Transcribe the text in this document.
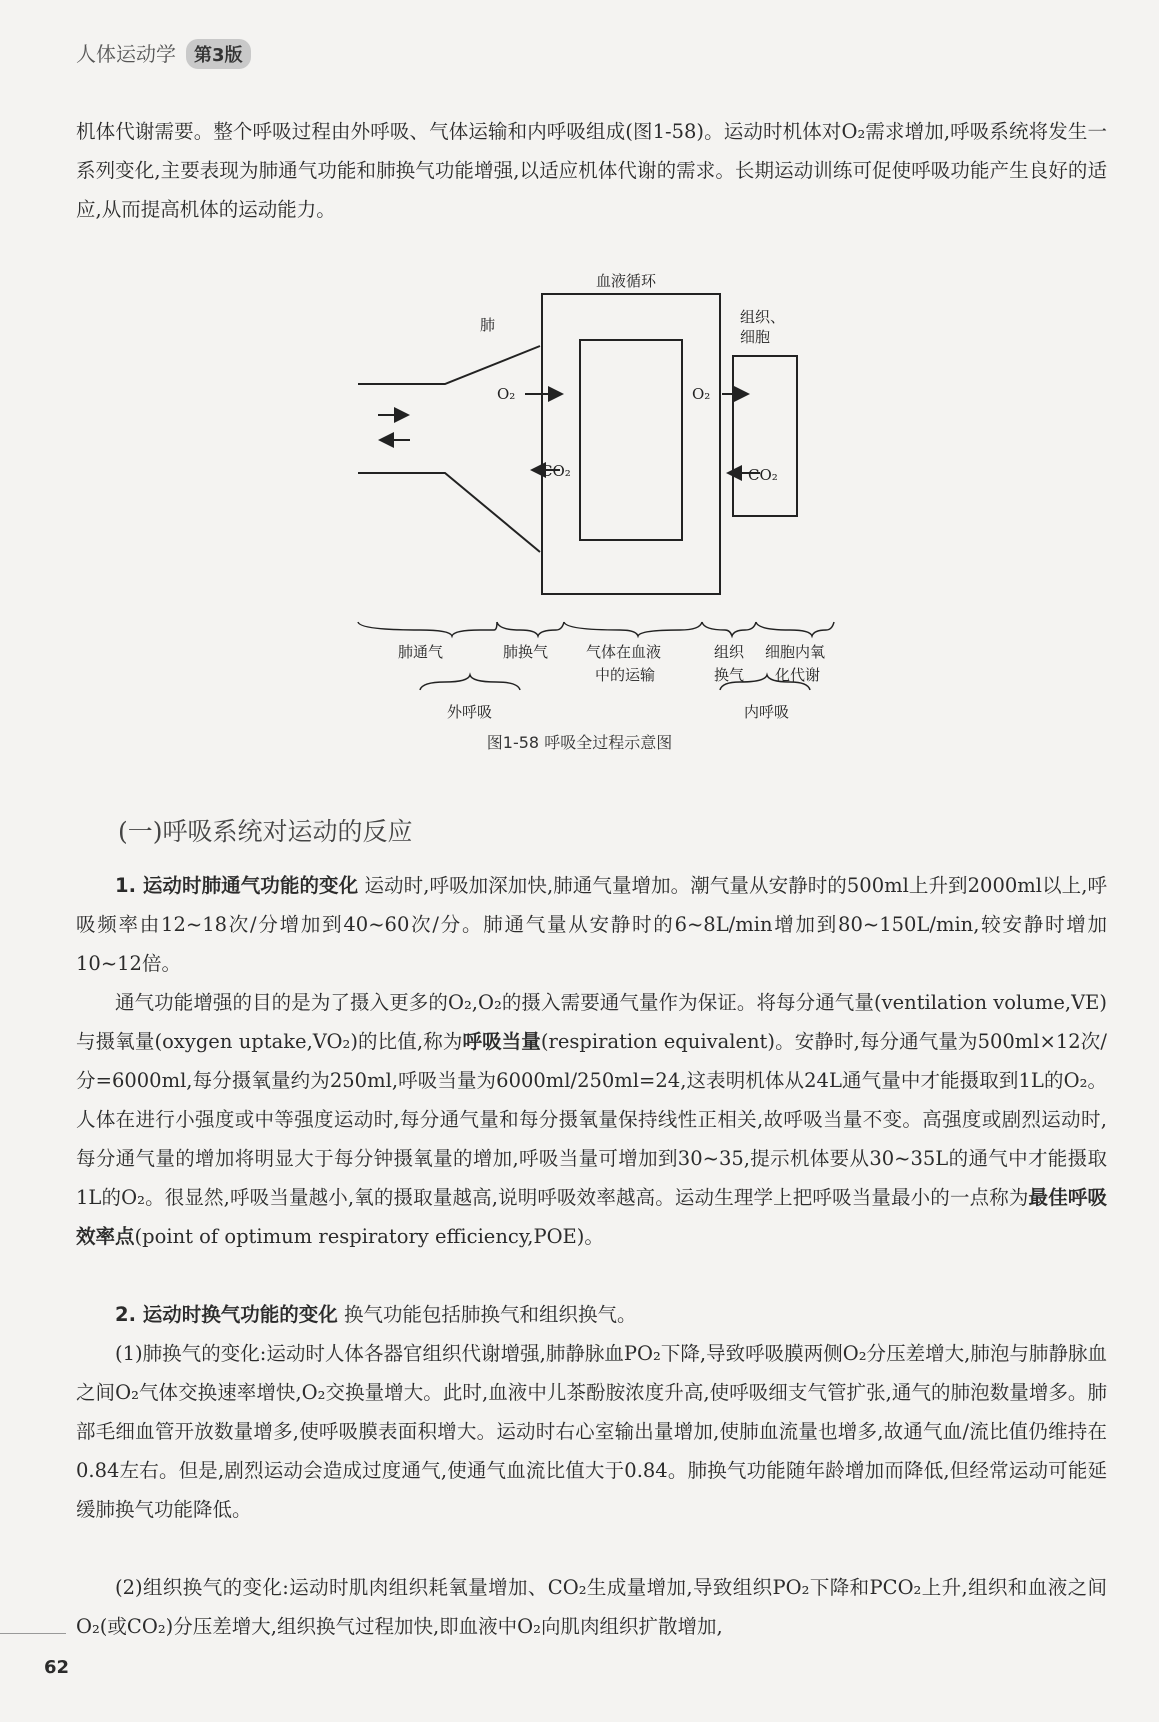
人体运动学 第3版
机体代谢需要。整个呼吸过程由外呼吸、气体运输和内呼吸组成(图1-58)。运动时机体对O₂需求增加,呼吸系统将发生一系列变化,主要表现为肺通气功能和肺换气功能增强,以适应机体代谢的需求。长期运动训练可促使呼吸功能产生良好的适应,从而提高机体的运动能力。
血液循环
肺	组织、
细胞
O₂
CO₂
O₂
CO₂
肺通气	肺换气	气体在血液
中的运输
组织
换气
细胞内氧
化代谢
外呼吸	内呼吸
图1-58 呼吸全过程示意图
(一)呼吸系统对运动的反应
1. 运动时肺通气功能的变化 运动时,呼吸加深加快,肺通气量增加。潮气量从安静时的500ml上升到2000ml以上,呼吸频率由12~18次/分增加到40~60次/分。肺通气量从安静时的6~8L/min增加到80~150L/min,较安静时增加10~12倍。
通气功能增强的目的是为了摄入更多的O₂,O₂的摄入需要通气量作为保证。将每分通气量(ventilation volume,VE)与摄氧量(oxygen uptake,VO₂)的比值,称为呼吸当量(respiration equivalent)。安静时,每分通气量为500ml×12次/分=6000ml,每分摄氧量约为250ml,呼吸当量为6000ml/250ml=24,这表明机体从24L通气量中才能摄取到1L的O₂。人体在进行小强度或中等强度运动时,每分通气量和每分摄氧量保持线性正相关,故呼吸当量不变。高强度或剧烈运动时,每分通气量的增加将明显大于每分钟摄氧量的增加,呼吸当量可增加到30~35,提示机体要从30~35L的通气中才能摄取1L的O₂。很显然,呼吸当量越小,氧的摄取量越高,说明呼吸效率越高。运动生理学上把呼吸当量最小的一点称为最佳呼吸效率点(point of optimum respiratory efficiency,POE)。
2. 运动时换气功能的变化 换气功能包括肺换气和组织换气。
(1)肺换气的变化:运动时人体各器官组织代谢增强,肺静脉血PO₂下降,导致呼吸膜两侧O₂分压差增大,肺泡与肺静脉血之间O₂气体交换速率增快,O₂交换量增大。此时,血液中儿茶酚胺浓度升高,使呼吸细支气管扩张,通气的肺泡数量增多。肺部毛细血管开放数量增多,使呼吸膜表面积增大。运动时右心室输出量增加,使肺血流量也增多,故通气血/流比值仍维持在0.84左右。但是,剧烈运动会造成过度通气,使通气血流比值大于0.84。肺换气功能随年龄增加而降低,但经常运动可能延缓肺换气功能降低。
(2)组织换气的变化:运动时肌肉组织耗氧量增加、CO₂生成量增加,导致组织PO₂下降和PCO₂上升,组织和血液之间O₂(或CO₂)分压差增大,组织换气过程加快,即血液中O₂向肌肉组织扩散增加,
62
